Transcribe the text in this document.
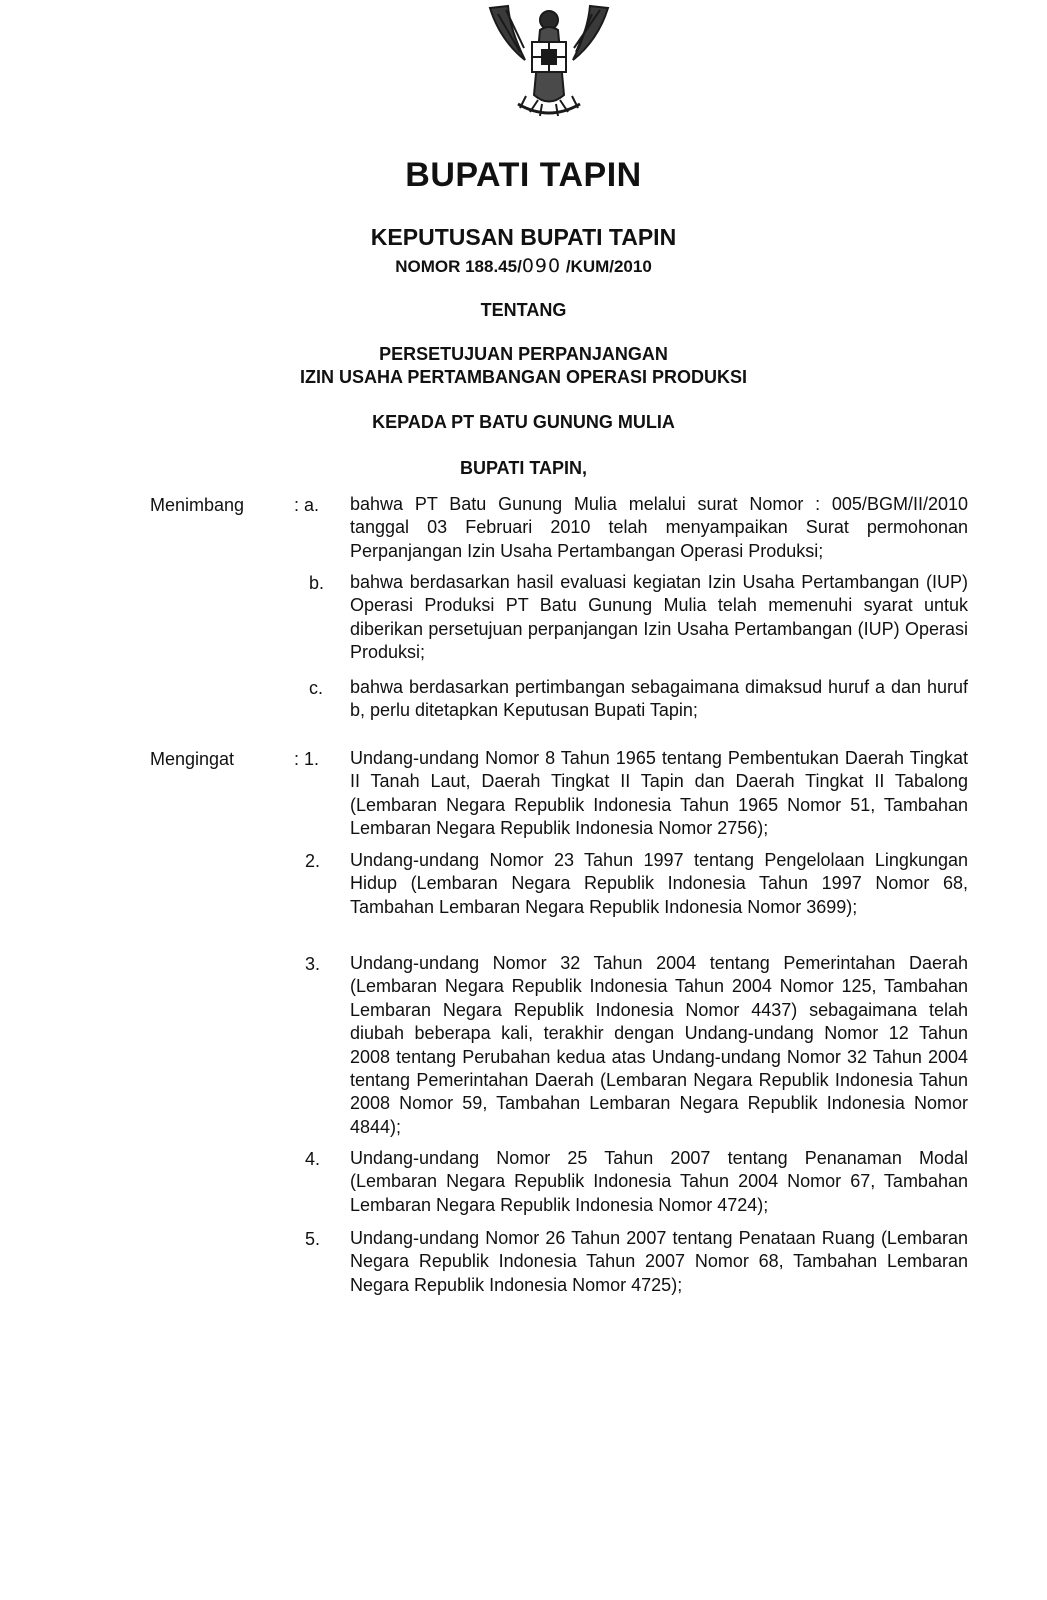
BUPATI TAPIN
KEPUTUSAN BUPATI TAPIN
NOMOR 188.45/090 /KUM/2010
TENTANG
PERSETUJUAN PERPANJANGAN
IZIN USAHA PERTAMBANGAN OPERASI PRODUKSI
KEPADA PT BATU GUNUNG MULIA
BUPATI TAPIN,
Menimbang	: a. bahwa PT Batu Gunung Mulia melalui surat Nomor : 005/BGM/II/2010 tanggal 03 Februari 2010 telah menyampaikan Surat permohonan Perpanjangan Izin Usaha Pertambangan Operasi Produksi;
b. bahwa berdasarkan hasil evaluasi kegiatan Izin Usaha Pertambangan (IUP) Operasi Produksi PT Batu Gunung Mulia telah memenuhi syarat untuk diberikan persetujuan perpanjangan Izin Usaha Pertambangan (IUP) Operasi Produksi;
c. bahwa berdasarkan pertimbangan sebagaimana dimaksud huruf a dan huruf b, perlu ditetapkan Keputusan Bupati Tapin;
Mengingat	: 1. Undang-undang Nomor 8 Tahun 1965 tentang Pembentukan Daerah Tingkat II Tanah Laut, Daerah Tingkat II Tapin dan Daerah Tingkat II Tabalong (Lembaran Negara Republik Indonesia Tahun 1965 Nomor 51, Tambahan Lembaran Negara Republik Indonesia Nomor 2756);
2. Undang-undang Nomor 23 Tahun 1997 tentang Pengelolaan Lingkungan Hidup (Lembaran Negara Republik Indonesia Tahun 1997 Nomor 68, Tambahan Lembaran Negara Republik Indonesia Nomor 3699);
3. Undang-undang Nomor 32 Tahun 2004 tentang Pemerintahan Daerah (Lembaran Negara Republik Indonesia Tahun 2004 Nomor 125, Tambahan Lembaran Negara Republik Indonesia Nomor 4437) sebagaimana telah diubah beberapa kali, terakhir dengan Undang-undang Nomor 12 Tahun 2008 tentang Perubahan kedua atas Undang-undang Nomor 32 Tahun 2004 tentang Pemerintahan Daerah (Lembaran Negara Republik Indonesia Tahun 2008 Nomor 59, Tambahan Lembaran Negara Republik Indonesia Nomor 4844);
4. Undang-undang Nomor 25 Tahun 2007 tentang Penanaman Modal (Lembaran Negara Republik Indonesia Tahun 2004 Nomor 67, Tambahan Lembaran Negara Republik Indonesia Nomor 4724);
5. Undang-undang Nomor 26 Tahun 2007 tentang Penataan Ruang (Lembaran Negara Republik Indonesia Tahun 2007 Nomor 68, Tambahan Lembaran Negara Republik Indonesia Nomor 4725);
